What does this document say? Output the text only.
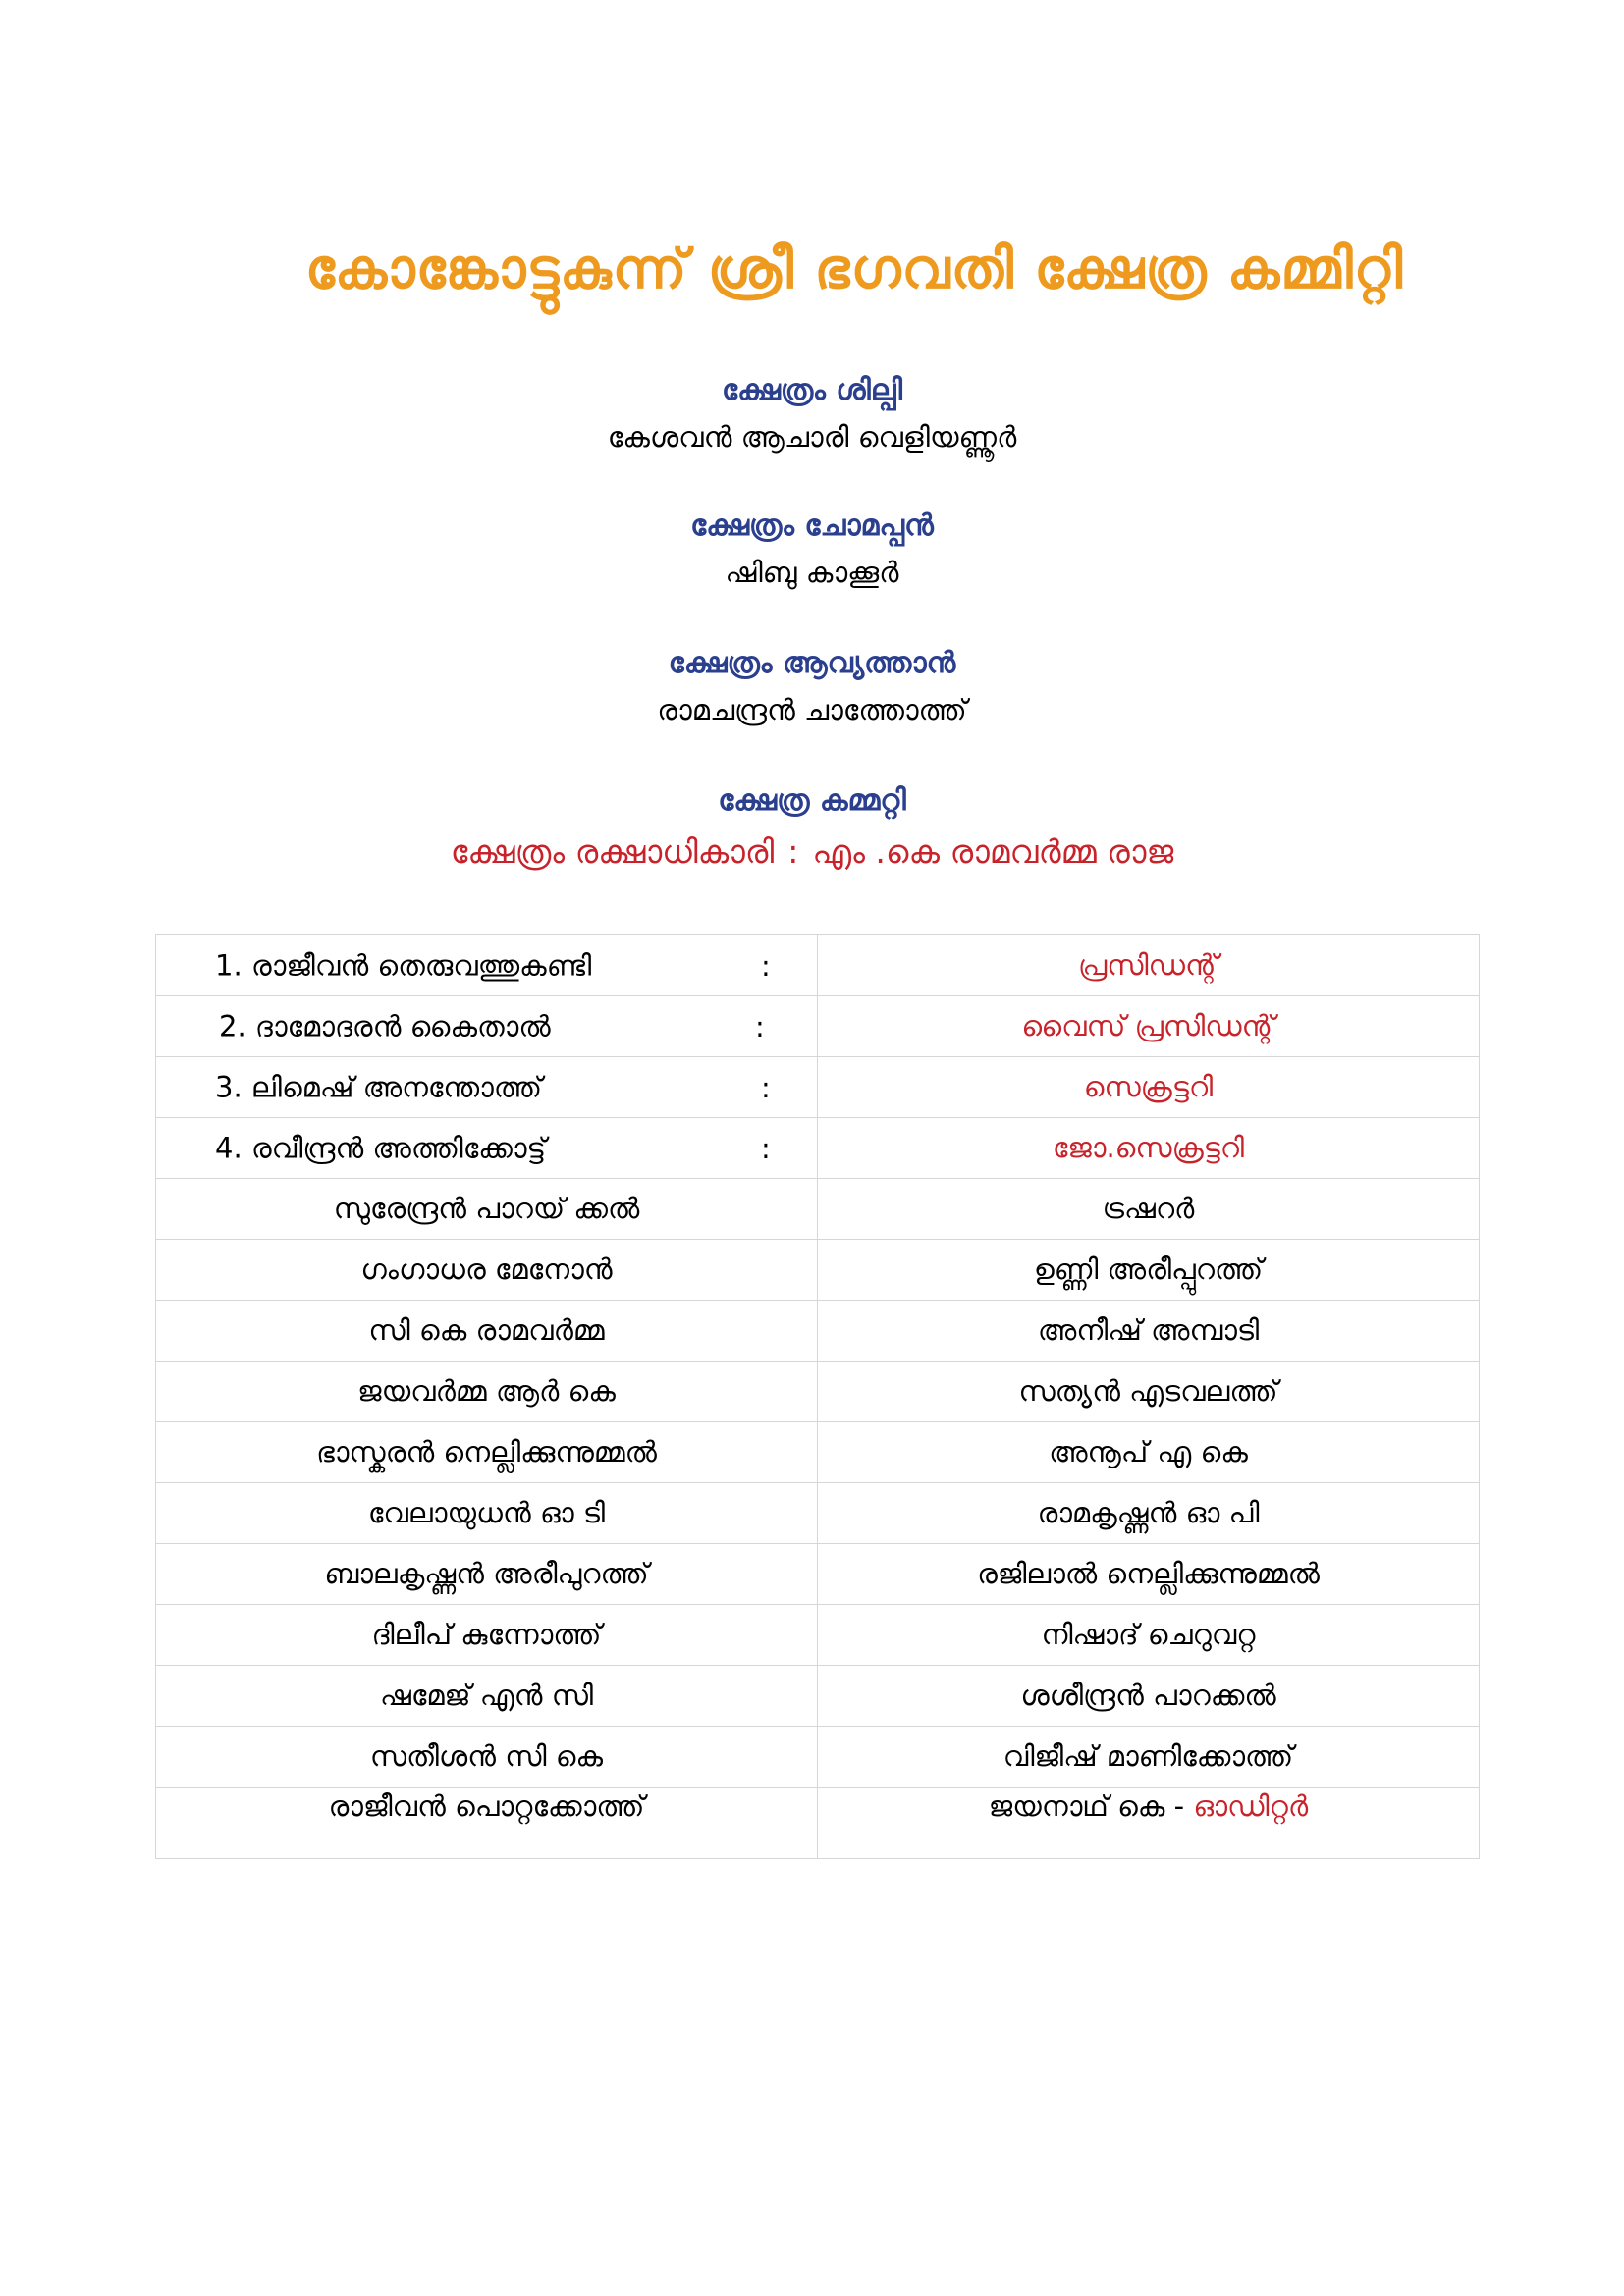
കോങ്കോട്ടുകുന്ന് ശ്രീ ഭഗവതി ക്ഷേത്ര കമ്മിറ്റി
ക്ഷേത്രം ശില്പി
കേശവൻ ആചാരി വെളിയണ്ണൂർ
ക്ഷേത്രം ചോമപ്പൻ
ഷിബു കാക്കൂർ
ക്ഷേത്രം ആവ്യത്താൻ
രാമചന്ദ്രൻ ചാത്തോത്ത്
ക്ഷേത്ര കമ്മറ്റി
ക്ഷേത്രം രക്ഷാധികാരി : എം .കെ രാമവർമ്മ രാജ
1. രാജീവൻ തെരുവത്തുകണ്ടി :	പ്രസിഡന്റ്

2. ദാമോദരൻ കൈതാൽ :	വൈസ് പ്രസിഡന്റ്

3. ലിമെഷ് അനന്തോത്ത് :	സെക്രട്ടറി

4. രവീന്ദ്രൻ അത്തിക്കോട്ട് :	ജോ.സെക്രട്ടറി

സുരേന്ദ്രൻ പാറയ് ക്കൽ	ട്രഷറർ

ഗംഗാധര മേനോൻ	ഉണ്ണി അരീപ്പുറത്ത്

സി കെ രാമവർമ്മ	അനീഷ് അമ്പാടി

ജയവർമ്മ ആർ കെ	സത്യൻ എടവലത്ത്

ഭാസ്കരൻ നെല്ലിക്കുന്നുമ്മൽ	അനൂപ് എ കെ

വേലായുധൻ ഓ ടി	രാമകൃഷ്ണൻ ഓ പി

ബാലകൃഷ്ണൻ അരീപുറത്ത്	രജിലാൽ നെല്ലിക്കുന്നുമ്മൽ

ദിലീപ് കുന്നോത്ത്	നിഷാദ് ചെറുവറ്റ

ഷമേജ് എൻ സി	ശശീന്ദ്രൻ പാറക്കൽ

സതീശൻ സി കെ	വിജീഷ് മാണിക്കോത്ത്
രാജീവൻ പൊറ്റക്കോത്ത്	ജയനാഥ് കെ - ഓഡിറ്റർ
